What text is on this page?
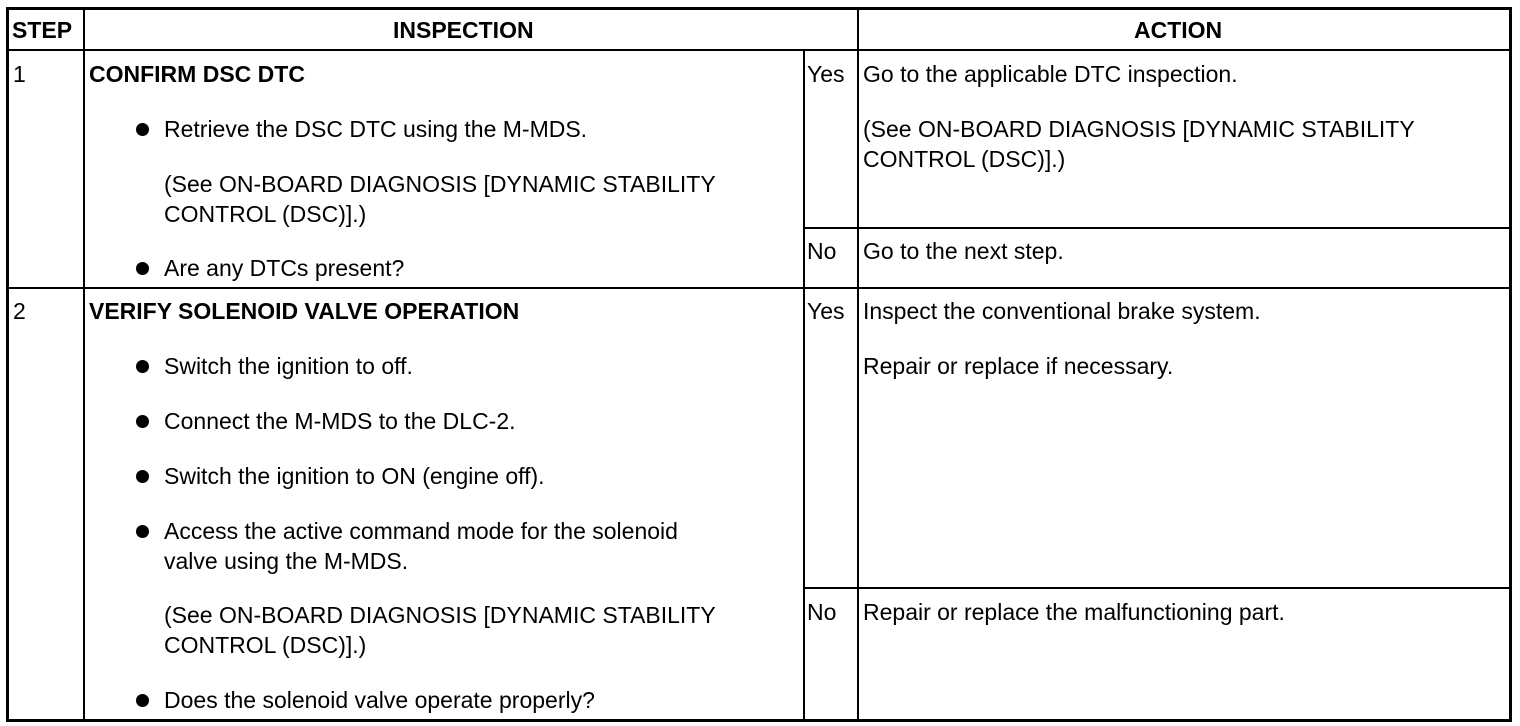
STEP	INSPECTION	ACTION
1	CONFIRM DSC DTC
Retrieve the DSC DTC using the M-MDS.
(See ON-BOARD DIAGNOSIS [DYNAMIC STABILITY
CONTROL (DSC)].)
Are any DTCs present?
Yes Go to the applicable DTC inspection.
(See ON-BOARD DIAGNOSIS [DYNAMIC STABILITY
CONTROL (DSC)].)
No Go to the next step.
2	VERIFY SOLENOID VALVE OPERATION
Switch the ignition to off.
Connect the M-MDS to the DLC-2.
Switch the ignition to ON (engine off).
Access the active command mode for the solenoid
valve using the M-MDS.
(See ON-BOARD DIAGNOSIS [DYNAMIC STABILITY
CONTROL (DSC)].)
Does the solenoid valve operate properly?
Yes Inspect the conventional brake system.
Repair or replace if necessary.
No Repair or replace the malfunctioning part.
